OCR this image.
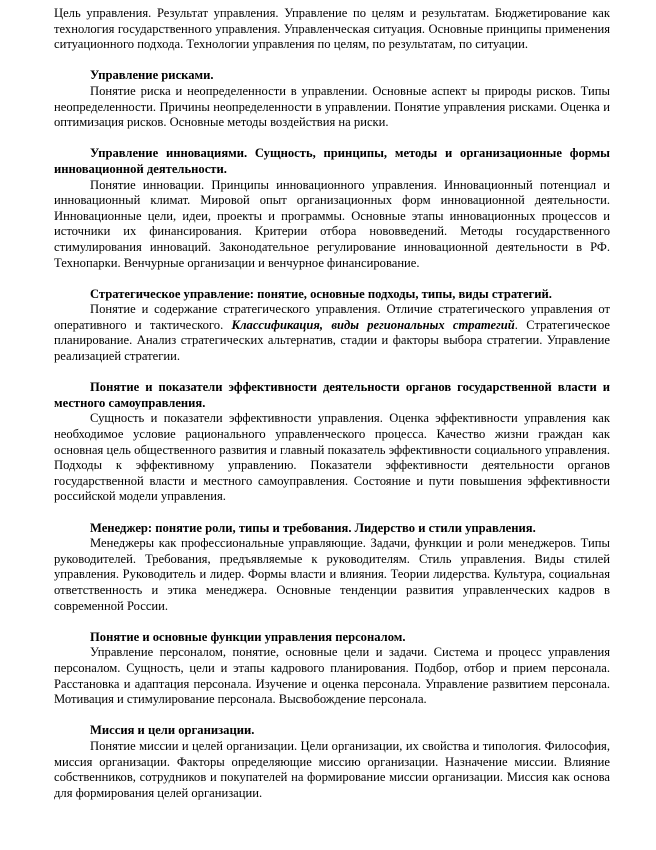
Цель управления. Результат управления. Управление по целям и результатам. Бюджетирование как технология государственного управления. Управленческая ситуация. Основные принципы применения ситуационного подхода. Технологии управления по целям, по результатам, по ситуации.

Управление рисками.

Понятие риска и неопределенности в управлении. Основные аспект ы природы рисков. Типы неопределенности. Причины неопределенности в управлении. Понятие управления рисками. Оценка и оптимизация рисков. Основные методы воздействия на риски.

Управление инновациями. Сущность, принципы, методы и организационные формы инновационной деятельности.

Понятие инновации. Принципы инновационного управления. Инновационный потенциал и инновационный климат. Мировой опыт организационных форм инновационной деятельности. Инновационные цели, идеи, проекты и программы. Основные этапы инновационных процессов и источники их финансирования. Критерии отбора нововведений. Методы государственного стимулирования инноваций. Законодательное регулирование инновационной деятельности в РФ. Технопарки. Венчурные организации и венчурное финансирование.

Стратегическое управление: понятие, основные подходы, типы, виды стратегий.

Понятие и содержание стратегического управления. Отличие стратегического управления от оперативного и тактического. Классификация, виды региональных стратегий. Стратегическое планирование. Анализ стратегических альтернатив, стадии и факторы выбора стратегии. Управление реализацией стратегии.

Понятие и показатели эффективности деятельности органов государственной власти и местного самоуправления.

Сущность и показатели эффективности управления. Оценка эффективности управления как необходимое условие рационального управленческого процесса. Качество жизни граждан как основная цель общественного развития и главный показатель эффективности социального управления. Подходы к эффективному управлению. Показатели эффективности деятельности органов государственной власти и местного самоуправления. Состояние и пути повышения эффективности российской модели управления.

Менеджер: понятие роли, типы и требования. Лидерство и стили управления.

Менеджеры как профессиональные управляющие. Задачи, функции и роли менеджеров. Типы руководителей. Требования, предъявляемые к руководителям. Стиль управления. Виды стилей управления. Руководитель и лидер. Формы власти и влияния. Теории лидерства. Культура, социальная ответственность и этика менеджера. Основные тенденции развития управленческих кадров в современной России.

Понятие и основные функции управления персоналом.

Управление персоналом, понятие, основные цели и задачи. Система и процесс управления персоналом. Сущность, цели и этапы кадрового планирования. Подбор, отбор и прием персонала. Расстановка и адаптация персонала. Изучение и оценка персонала. Управление развитием персонала. Мотивация и стимулирование персонала. Высвобождение персонала.

Миссия и цели организации.

Понятие миссии и целей организации. Цели организации, их свойства и типология. Философия, миссия организации. Факторы определяющие миссию организации. Назначение миссии. Влияние собственников, сотрудников и покупателей на формирование миссии организации. Миссия как основа для формирования целей организации.
